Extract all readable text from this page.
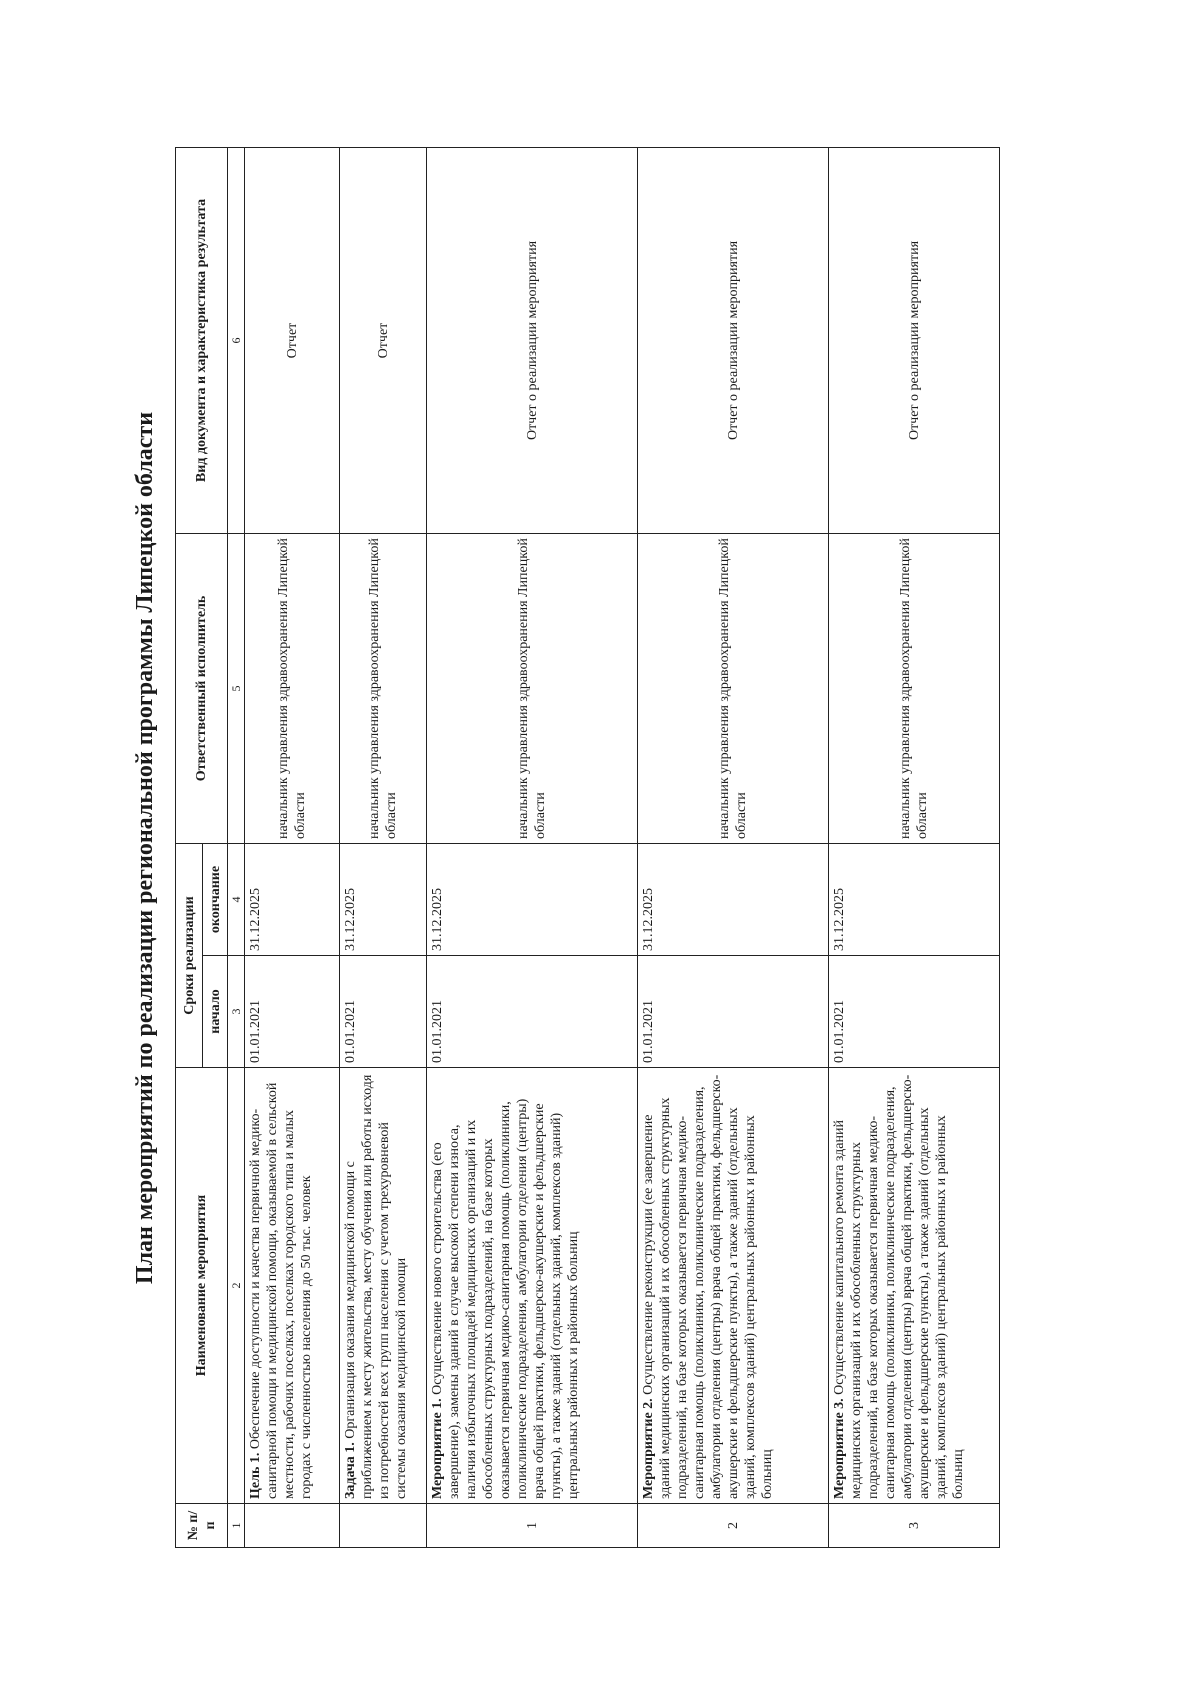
План мероприятий по реализации региональной программы Липецкой области
№ п/п	Наименование мероприятия	Сроки реализации		Ответственный исполнитель	Вид документа и характеристика результата
		начало	окончание		
1	2	3	4	5	6
	Цель 1. Обеспечение доступности и качества первичной медико-санитарной помощи и медицинской помощи, оказываемой в сельской местности, рабочих поселках, поселках городского типа и малых городах с численностью населения до 50 тыс. человек	01.01.2021	31.12.2025	начальник управления здравоохранения Липецкой области	Отчет
	Задача 1. Организация оказания медицинской помощи с приближением к месту жительства, месту обучения или работы исходя из потребностей всех групп населения с учетом трехуровневой системы оказания медицинской помощи	01.01.2021	31.12.2025	начальник управления здравоохранения Липецкой области	Отчет
1	Мероприятие 1. Осуществление нового строительства (его завершение), замены зданий в случае высокой степени износа, наличия избыточных площадей медицинских организаций и их обособленных структурных подразделений, на базе которых оказывается первичная медико-санитарная помощь (поликлиники, поликлинические подразделения, амбулатории отделения (центры) врача общей практики, фельдшерско-акушерские и фельдшерские пункты), а также зданий (отдельных зданий, комплексов зданий) центральных районных и районных больниц	01.01.2021	31.12.2025	начальник управления здравоохранения Липецкой области	Отчет о реализации мероприятия
2	Мероприятие 2. Осуществление реконструкции (ее завершение зданий медицинских организаций и их обособленных структурных подразделений, на базе которых оказывается первичная медико-санитарная помощь (поликлиники, поликлинические подразделения, амбулатории отделения (центры) врача общей практики, фельдшерско-акушерские и фельдшерские пункты), а также зданий (отдельных зданий, комплексов зданий) центральных районных и районных больниц	01.01.2021	31.12.2025	начальник управления здравоохранения Липецкой области	Отчет о реализации мероприятия
3	Мероприятие 3. Осуществление капитального ремонта зданий медицинских организаций и их обособленных структурных подразделений, на базе которых оказывается первичная медико-санитарная помощь (поликлиники, поликлинические подразделения, амбулатории отделения (центры) врача общей практики, фельдшерско-акушерские и фельдшерские пункты), а также зданий (отдельных зданий, комплексов зданий) центральных районных и районных больниц	01.01.2021	31.12.2025	начальник управления здравоохранения Липецкой области	Отчет о реализации мероприятия
